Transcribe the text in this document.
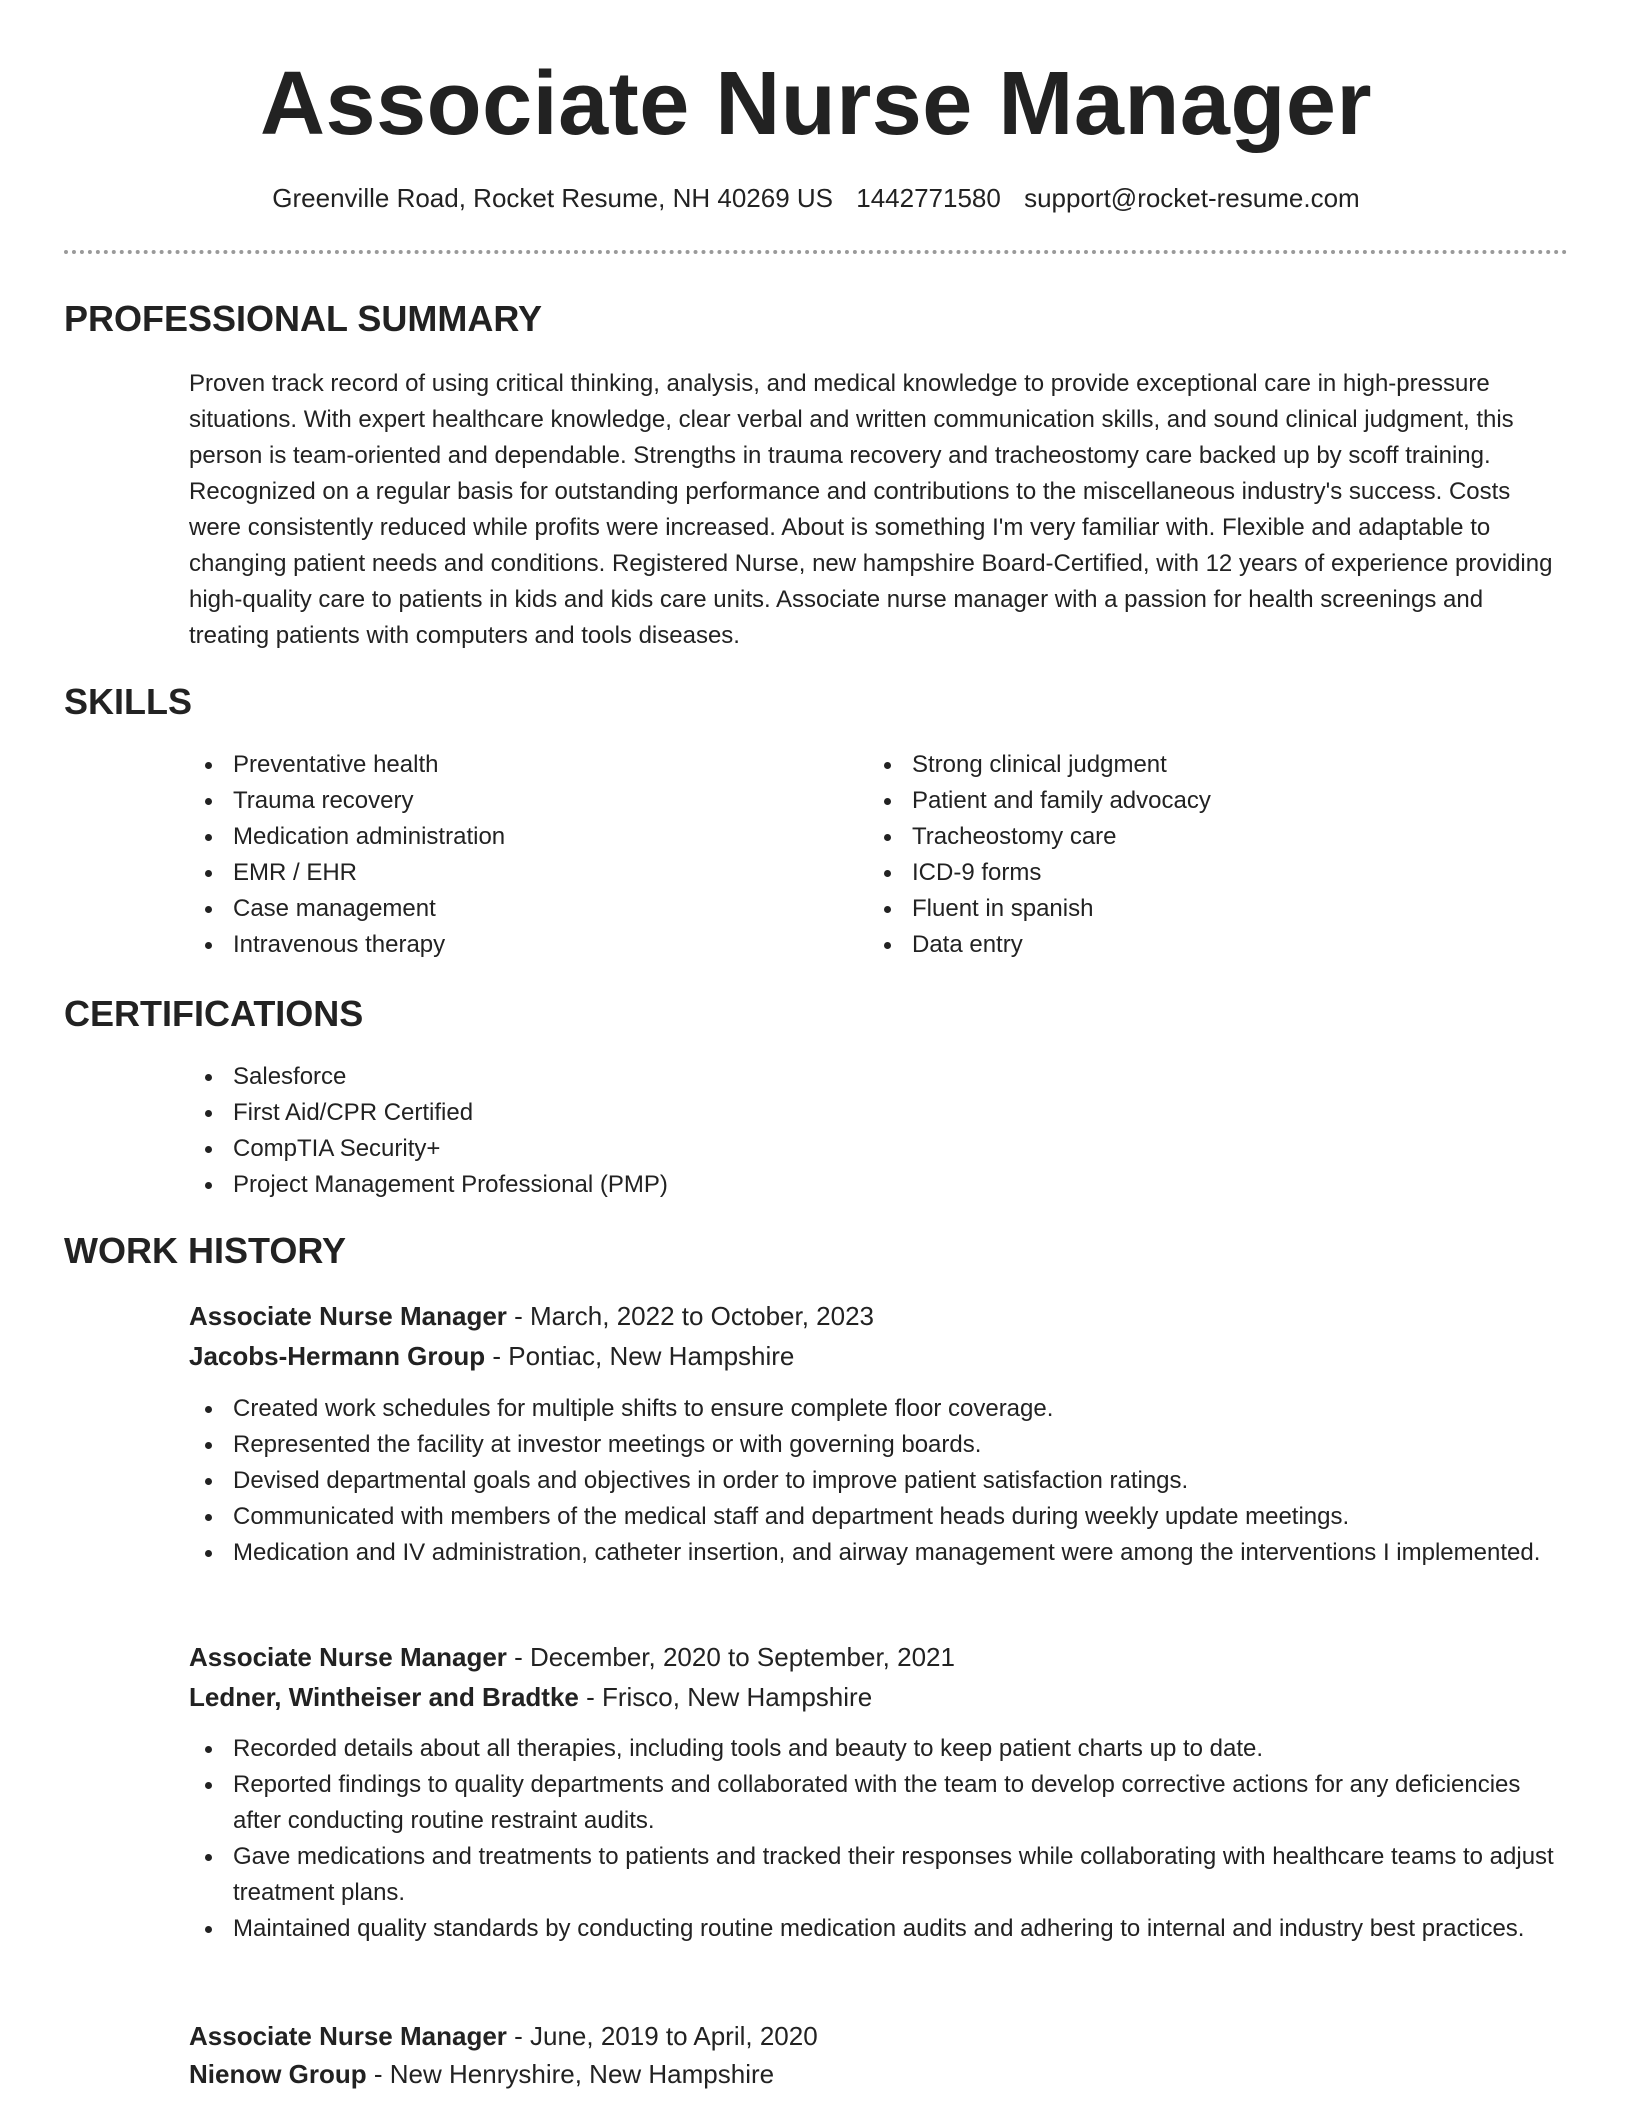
Associate Nurse Manager
Greenville Road, Rocket Resume, NH 40269 US 1442771580 support@rocket-resume.com
PROFESSIONAL SUMMARY

Proven track record of using critical thinking, analysis, and medical knowledge to provide exceptional care in high-pressure situations. With expert healthcare knowledge, clear verbal and written communication skills, and sound clinical judgment, this person is team-oriented and dependable. Strengths in trauma recovery and tracheostomy care backed up by scoff training. Recognized on a regular basis for outstanding performance and contributions to the miscellaneous industry's success. Costs were consistently reduced while profits were increased. About is something I'm very familiar with. Flexible and adaptable to changing patient needs and conditions. Registered Nurse, new hampshire Board-Certified, with 12 years of experience providing high-quality care to patients in kids and kids care units. Associate nurse manager with a passion for health screenings and treating patients with computers and tools diseases.

SKILLS
Preventative health
Trauma recovery
Medication administration
EMR / EHR
Case management
Intravenous therapy
Strong clinical judgment
Patient and family advocacy
Tracheostomy care
ICD-9 forms
Fluent in spanish
Data entry
CERTIFICATIONS
Salesforce
First Aid/CPR Certified
CompTIA Security+
Project Management Professional (PMP)
WORK HISTORY
Associate Nurse Manager - March, 2022 to October, 2023
Jacobs-Hermann Group - Pontiac, New Hampshire
Created work schedules for multiple shifts to ensure complete floor coverage.
Represented the facility at investor meetings or with governing boards.
Devised departmental goals and objectives in order to improve patient satisfaction ratings.
Communicated with members of the medical staff and department heads during weekly update meetings.
Medication and IV administration, catheter insertion, and airway management were among the interventions I implemented.
Associate Nurse Manager - December, 2020 to September, 2021
Ledner, Wintheiser and Bradtke - Frisco, New Hampshire
Recorded details about all therapies, including tools and beauty to keep patient charts up to date.
Reported findings to quality departments and collaborated with the team to develop corrective actions for any deficiencies after conducting routine restraint audits.
Gave medications and treatments to patients and tracked their responses while collaborating with healthcare teams to adjust treatment plans.
Maintained quality standards by conducting routine medication audits and adhering to internal and industry best practices.
Associate Nurse Manager - June, 2019 to April, 2020
Nienow Group - New Henryshire, New Hampshire
